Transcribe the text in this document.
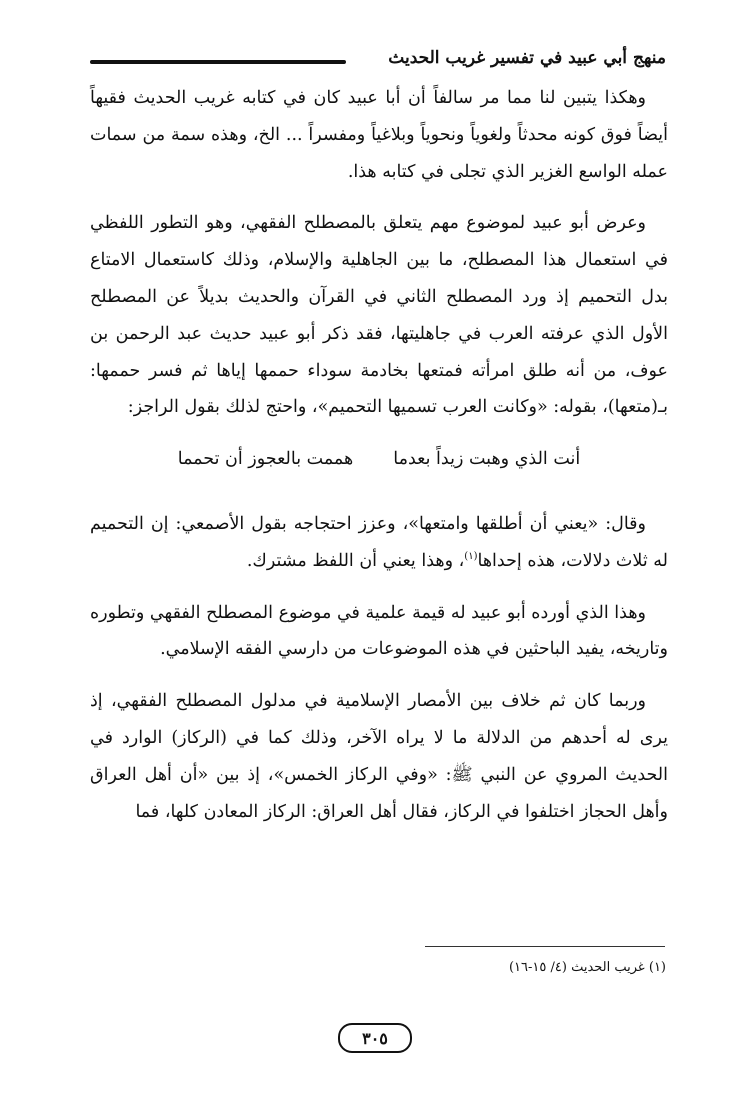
منهج أبي عبيد في تفسير غريب الحديث

وهكذا يتبين لنا مما مر سالفاً أن أبا عبيد كان في كتابه غريب الحديث فقيهاً أيضاً فوق كونه محدثاً ولغوياً ونحوياً وبلاغياً ومفسراً ... الخ، وهذه سمة من سمات عمله الواسع الغزير الذي تجلى في كتابه هذا.

وعرض أبو عبيد لموضوع مهم يتعلق بالمصطلح الفقهي، وهو التطور اللفظي في استعمال هذا المصطلح، ما بين الجاهلية والإسلام، وذلك كاستعمال الامتاع بدل التحميم إذ ورد المصطلح الثاني في القرآن والحديث بديلاً عن المصطلح الأول الذي عرفته العرب في جاهليتها، فقد ذكر أبو عبيد حديث عبد الرحمن بن عوف، من أنه طلق امرأته فمتعها بخادمة سوداء حممها إياها ثم فسر حممها: بـ(متعها)، بقوله: «وكانت العرب تسميها التحميم»، واحتج لذلك بقول الراجز:

أنت الذي وهبت زيداً بعدماهممت بالعجوز أن تحمما

وقال: «يعني أن أطلقها وامتعها»، وعزز احتجاجه بقول الأصمعي: إن التحميم له ثلاث دلالات، هذه إحداها$^{(١)}$، وهذا يعني أن اللفظ مشترك.

وهذا الذي أورده أبو عبيد له قيمة علمية في موضوع المصطلح الفقهي وتطوره وتاريخه، يفيد الباحثين في هذه الموضوعات من دارسي الفقه الإسلامي.

وربما كان ثم خلاف بين الأمصار الإسلامية في مدلول المصطلح الفقهي، إذ يرى له أحدهم من الدلالة ما لا يراه الآخر، وذلك كما في (الركاز) الوارد في الحديث المروي عن النبي ﷺ: «وفي الركاز الخمس»، إذ بين «أن أهل العراق وأهل الحجاز اختلفوا في الركاز، فقال أهل العراق: الركاز المعادن كلها، فما

(١) غريب الحديث (٤/ ١٥-١٦)
٣٠٥
